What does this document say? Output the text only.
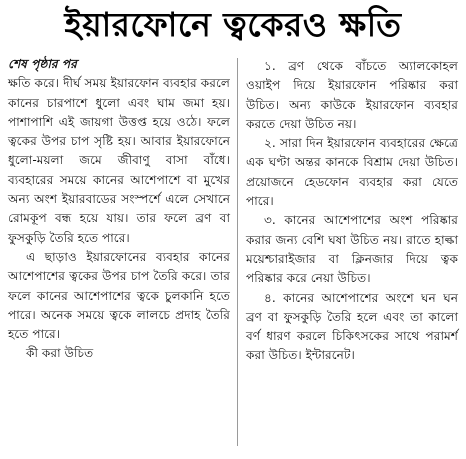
ইয়ারফোনে ত্বকেরও ক্ষতি
শেষ পৃষ্ঠার পর

ক্ষতি করে। দীর্ঘ সময় ইয়ারফোন ব্যবহার করলে কানের চারপাশে ধুলো এবং ঘাম জমা হয়। পাশাপাশি এই জায়গা উত্তপ্ত হয়ে ওঠে। ফলে ত্বকের উপর চাপ সৃষ্টি হয়। আবার ইয়ারফোনে ধুলো-ময়লা জমে জীবাণু বাসা বাঁধে। ব্যবহারের সময়ে কানের আশেপাশে বা মুখের অন্য অংশ ইয়ারবাডের সংস্পর্শে এলে সেখানে রোমকূপ বন্ধ হয়ে যায়। তার ফলে ব্রণ বা ফুসকুড়ি তৈরি হতে পারে।

এ ছাড়াও ইয়ারফোনের ব্যবহার কানের আশেপাশের ত্বকের উপর চাপ তৈরি করে। তার ফলে কানের আশেপাশের ত্বকে চুলকানি হতে পারে। অনেক সময়ে ত্বকে লালচে প্রদাহ তৈরি হতে পারে।

কী করা উচিত

১. ব্রণ থেকে বাঁচতে অ্যালকোহল ওয়াইপ দিয়ে ইয়ারফোন পরিষ্কার করা উচিত। অন্য কাউকে ইয়ারফোন ব্যবহার করতে দেয়া উচিত নয়।

২. সারা দিন ইয়ারফোন ব্যবহারের ক্ষেত্রে এক ঘণ্টা অন্তর কানকে বিশ্রাম দেয়া উচিত। প্রয়োজনে হেডফোন ব্যবহার করা যেতে পারে।

৩. কানের আশেপাশের অংশ পরিষ্কার করার জন্য বেশি ঘষা উচিত নয়। রাতে হাল্কা ময়েশ্চারাইজার বা ক্লিনজার দিয়ে ত্বক পরিষ্কার করে নেয়া উচিত।

৪. কানের আশেপাশের অংশে ঘন ঘন ব্রণ বা ফুসকুড়ি তৈরি হলে এবং তা কালো বর্ণ ধারণ করলে চিকিৎসকের সাথে পরামর্শ করা উচিত। ইন্টারনেট।
